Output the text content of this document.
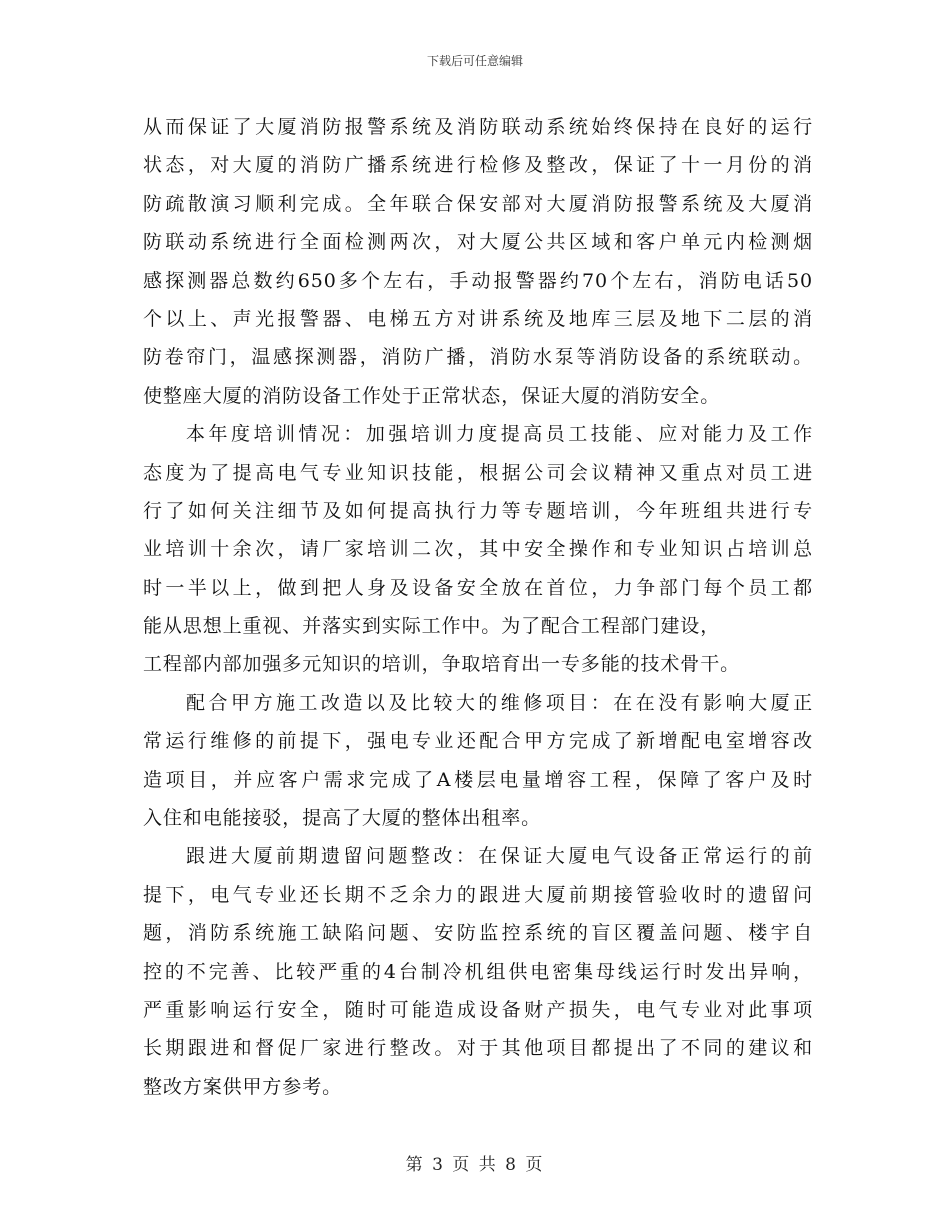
下载后可任意编辑
从而保证了大厦消防报警系统及消防联动系统始终保持在良好的运行
状态，对大厦的消防广播系统进行检修及整改，保证了十一月份的消
防疏散演习顺利完成。全年联合保安部对大厦消防报警系统及大厦消
防联动系统进行全面检测两次，对大厦公共区域和客户单元内检测烟
感探测器总数约650多个左右，手动报警器约70个左右，消防电话50
个以上、声光报警器、电梯五方对讲系统及地库三层及地下二层的消
防卷帘门，温感探测器，消防广播，消防水泵等消防设备的系统联动。
使整座大厦的消防设备工作处于正常状态，保证大厦的消防安全。
本年度培训情况：加强培训力度提高员工技能、应对能力及工作
态度为了提高电气专业知识技能，根据公司会议精神又重点对员工进
行了如何关注细节及如何提高执行力等专题培训，今年班组共进行专
业培训十余次，请厂家培训二次，其中安全操作和专业知识占培训总
时一半以上，做到把人身及设备安全放在首位，力争部门每个员工都
能从思想上重视、并落实到实际工作中。为了配合工程部门建设，
工程部内部加强多元知识的培训，争取培育出一专多能的技术骨干。
配合甲方施工改造以及比较大的维修项目：在在没有影响大厦正
常运行维修的前提下，强电专业还配合甲方完成了新增配电室增容改
造项目，并应客户需求完成了A楼层电量增容工程，保障了客户及时
入住和电能接驳，提高了大厦的整体出租率。
跟进大厦前期遗留问题整改：在保证大厦电气设备正常运行的前
提下，电气专业还长期不乏余力的跟进大厦前期接管验收时的遗留问
题，消防系统施工缺陷问题、安防监控系统的盲区覆盖问题、楼宇自
控的不完善、比较严重的4台制冷机组供电密集母线运行时发出异响，
严重影响运行安全，随时可能造成设备财产损失，电气专业对此事项
长期跟进和督促厂家进行整改。对于其他项目都提出了不同的建议和
整改方案供甲方参考。
第 3 页 共 8 页
